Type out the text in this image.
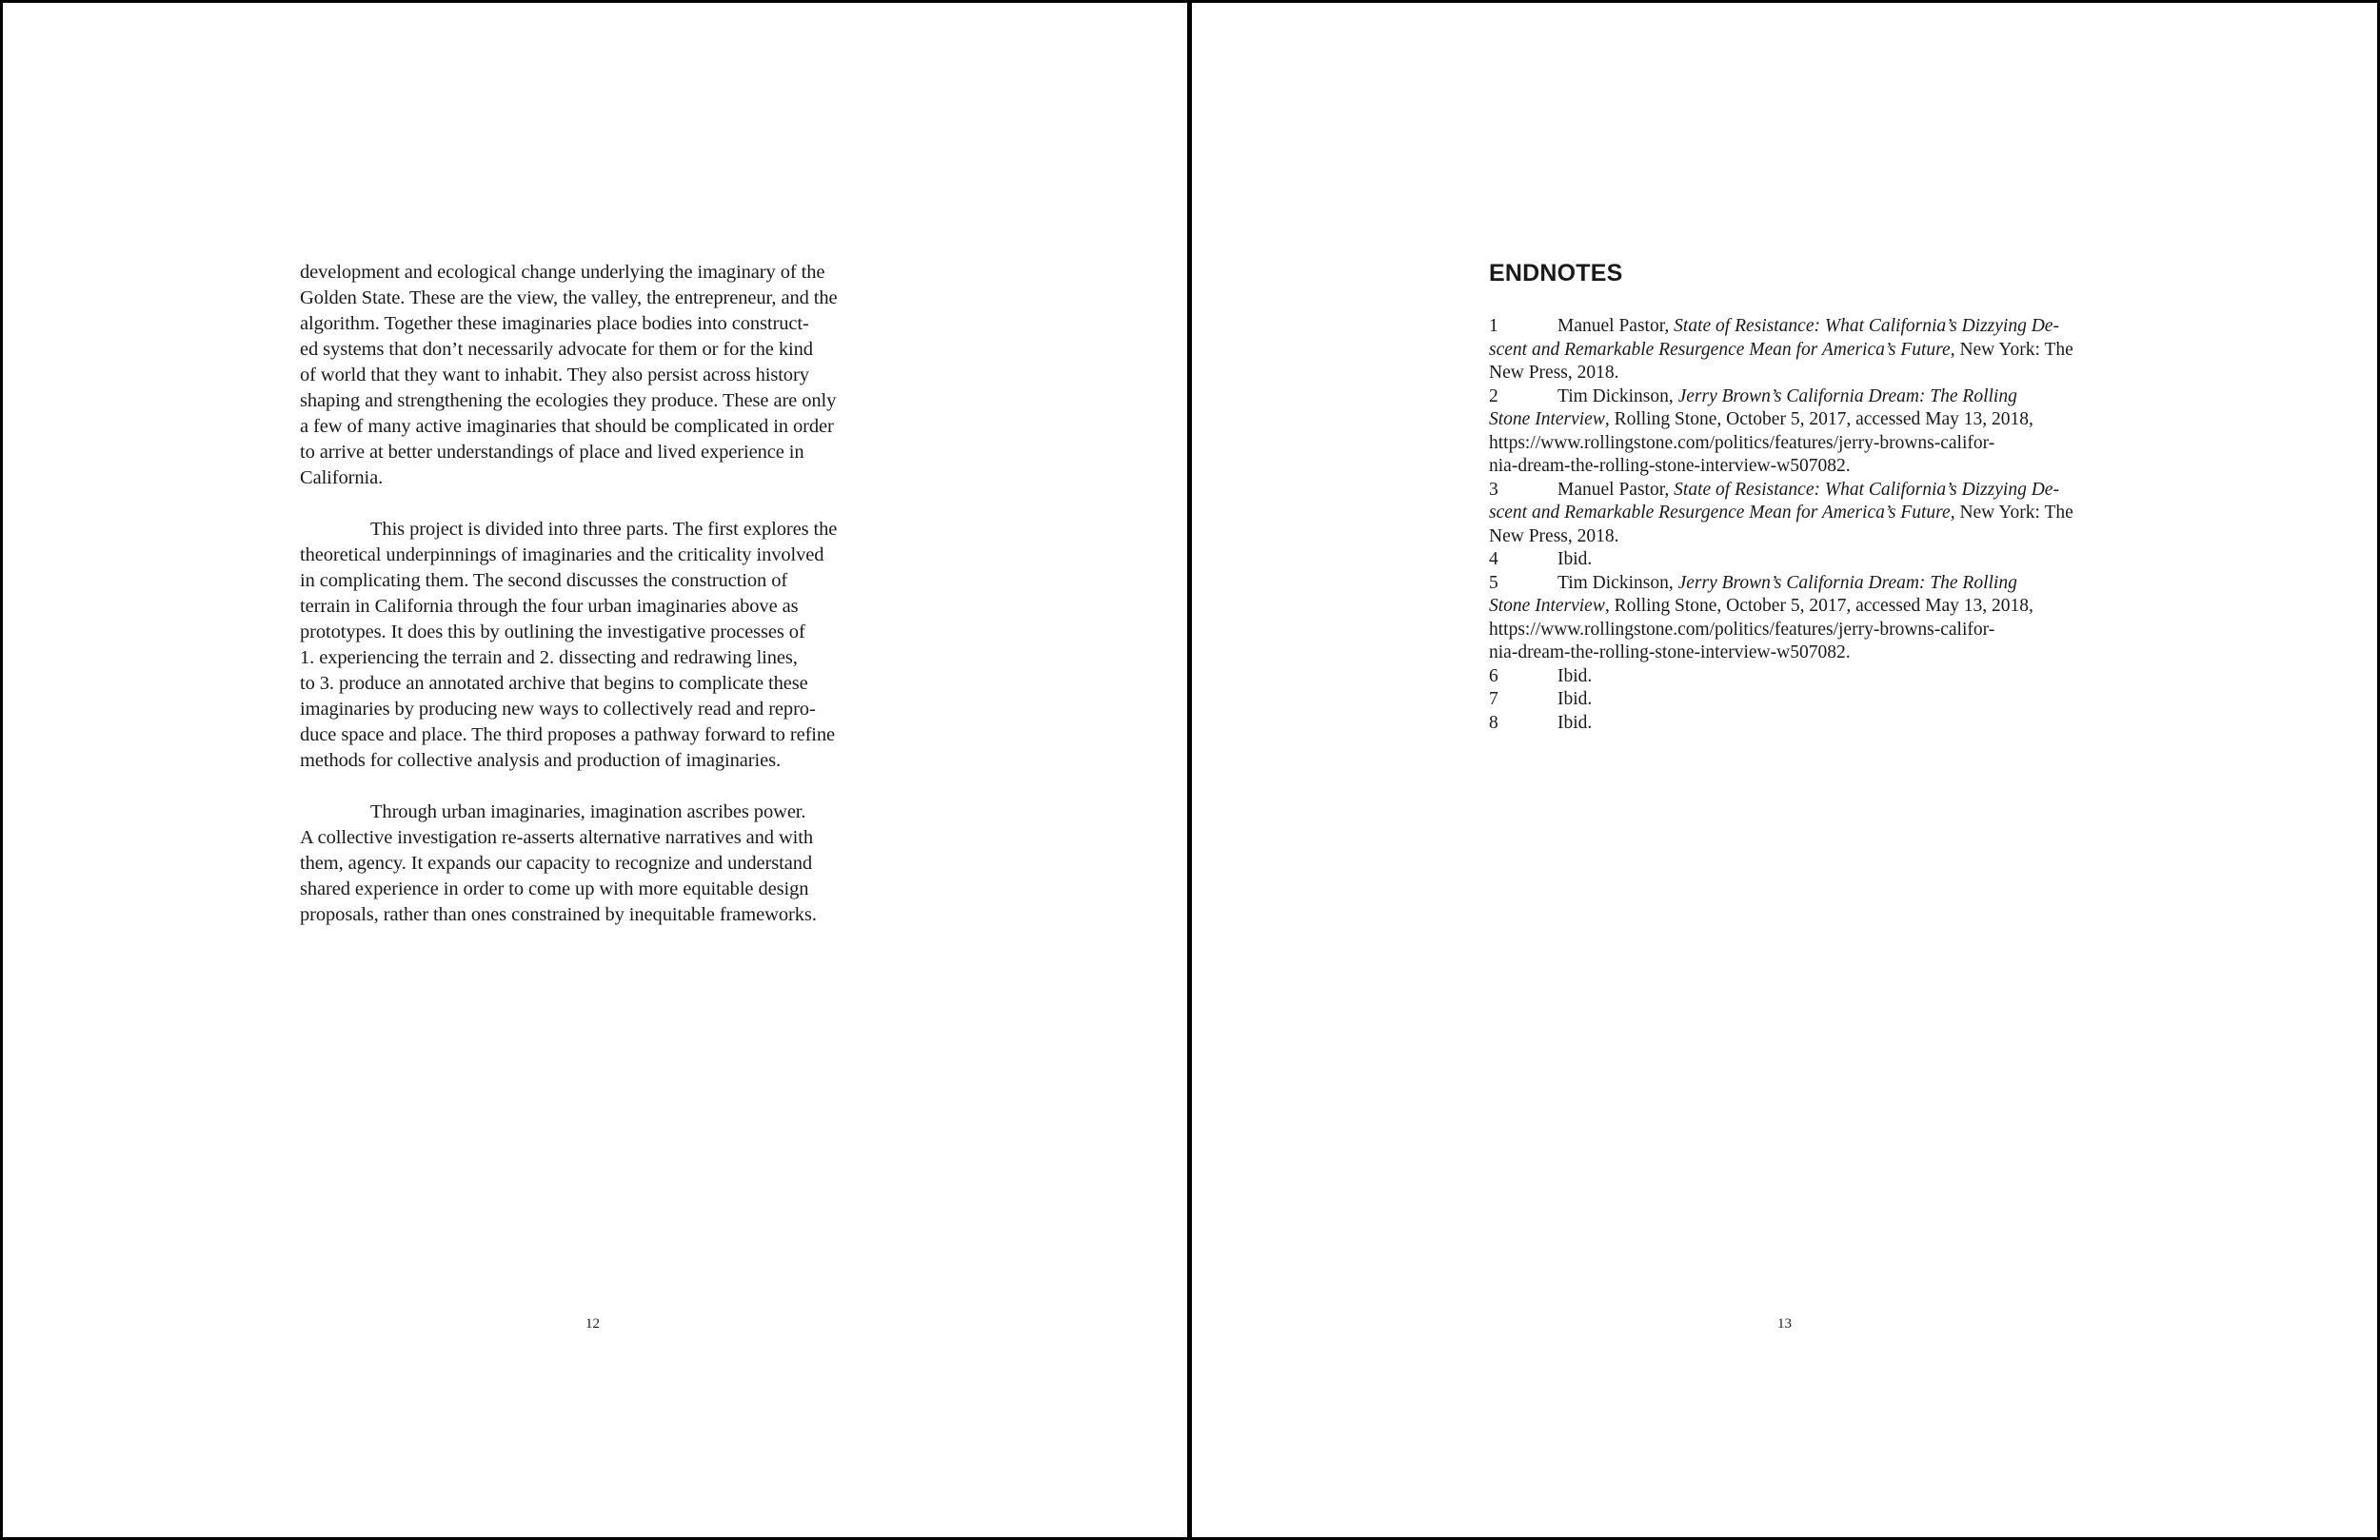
development and ecological change underlying the imaginary of the
Golden State. These are the view, the valley, the entrepreneur, and the
algorithm. Together these imaginaries place bodies into construct-
ed systems that don’t necessarily advocate for them or for the kind
of world that they want to inhabit. They also persist across history
shaping and strengthening the ecologies they produce. These are only
a few of many active imaginaries that should be complicated in order
to arrive at better understandings of place and lived experience in
California.
This project is divided into three parts. The first explores the
theoretical underpinnings of imaginaries and the criticality involved
in complicating them. The second discusses the construction of
terrain in California through the four urban imaginaries above as
prototypes. It does this by outlining the investigative processes of
1. experiencing the terrain and 2. dissecting and redrawing lines,
to 3. produce an annotated archive that begins to complicate these
imaginaries by producing new ways to collectively read and repro-
duce space and place. The third proposes a pathway forward to refine
methods for collective analysis and production of imaginaries.
Through urban imaginaries, imagination ascribes power.
A collective investigation re-asserts alternative narratives and with
them, agency. It expands our capacity to recognize and understand
shared experience in order to come up with more equitable design
proposals, rather than ones constrained by inequitable frameworks.
12
ENDNOTES
1	Manuel Pastor, State of Resistance: What California’s Dizzying De-
scent and Remarkable Resurgence Mean for America’s Future, New York: The
New Press, 2018.
2	Tim Dickinson, Jerry Brown’s California Dream: The Rolling
Stone Interview, Rolling Stone, October 5, 2017, accessed May 13, 2018,
https://www.rollingstone.com/politics/features/jerry-browns-califor-
nia-dream-the-rolling-stone-interview-w507082.
3	Manuel Pastor, State of Resistance: What California’s Dizzying De-
scent and Remarkable Resurgence Mean for America’s Future, New York: The
New Press, 2018.
4	Ibid.
5	Tim Dickinson, Jerry Brown’s California Dream: The Rolling
Stone Interview, Rolling Stone, October 5, 2017, accessed May 13, 2018,
https://www.rollingstone.com/politics/features/jerry-browns-califor-
nia-dream-the-rolling-stone-interview-w507082.
6	Ibid.
7	Ibid.
8	Ibid.
13
